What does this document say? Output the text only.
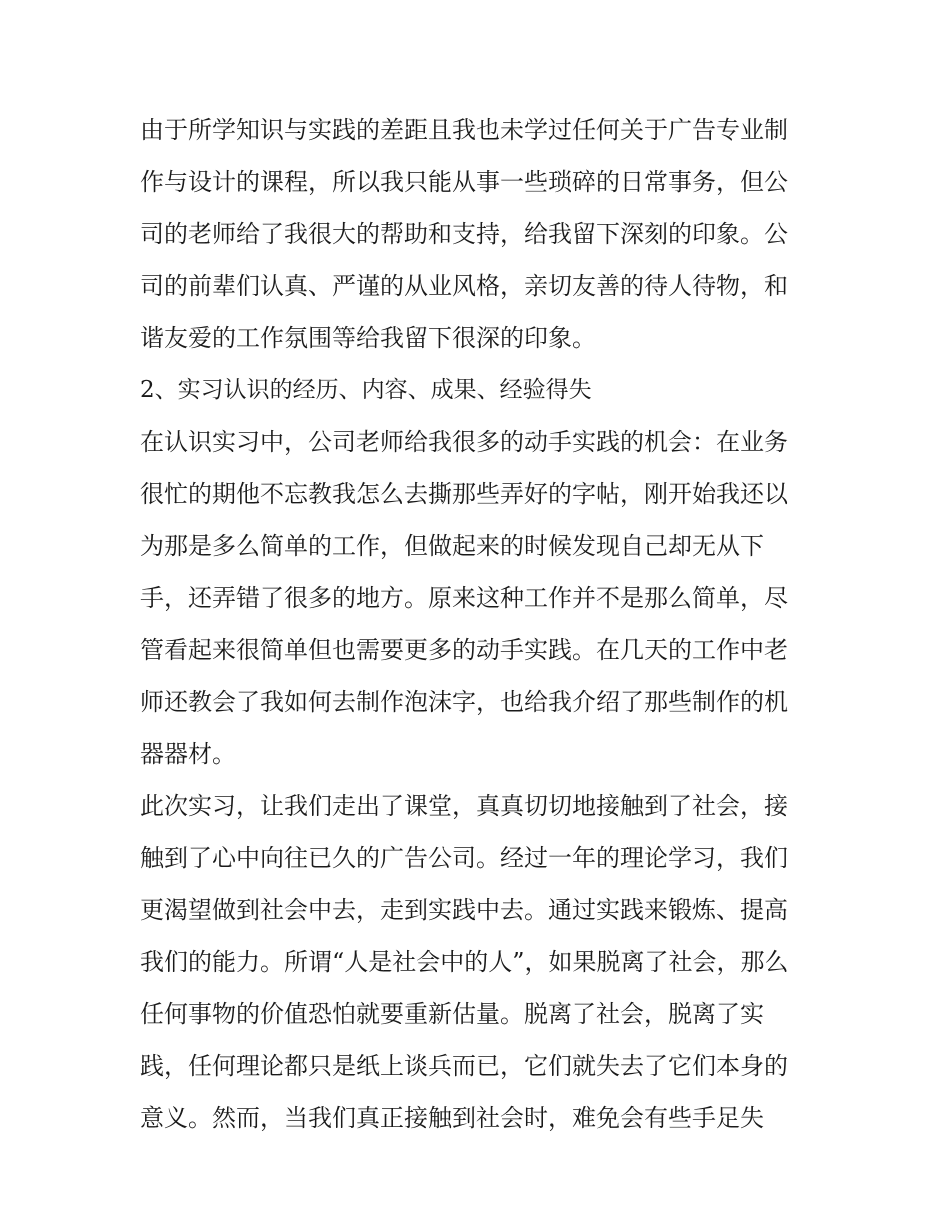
由于所学知识与实践的差距且我也未学过任何关于广告专业制
作与设计的课程，所以我只能从事一些琐碎的日常事务，但公
司的老师给了我很大的帮助和支持，给我留下深刻的印象。公
司的前辈们认真、严谨的从业风格，亲切友善的待人待物，和
谐友爱的工作氛围等给我留下很深的印象。
2、实习认识的经历、内容、成果、经验得失
在认识实习中，公司老师给我很多的动手实践的机会：在业务
很忙的期他不忘教我怎么去撕那些弄好的字帖，刚开始我还以
为那是多么简单的工作，但做起来的时候发现自己却无从下
手，还弄错了很多的地方。原来这种工作并不是那么简单，尽
管看起来很简单但也需要更多的动手实践。在几天的工作中老
师还教会了我如何去制作泡沫字，也给我介绍了那些制作的机
器器材。
此次实习，让我们走出了课堂，真真切切地接触到了社会，接
触到了心中向往已久的广告公司。经过一年的理论学习，我们
更渴望做到社会中去，走到实践中去。通过实践来锻炼、提高
我们的能力。所谓“人是社会中的人”，如果脱离了社会，那么
任何事物的价值恐怕就要重新估量。脱离了社会，脱离了实
践，任何理论都只是纸上谈兵而已，它们就失去了它们本身的
意义。然而，当我们真正接触到社会时，难免会有些手足失
